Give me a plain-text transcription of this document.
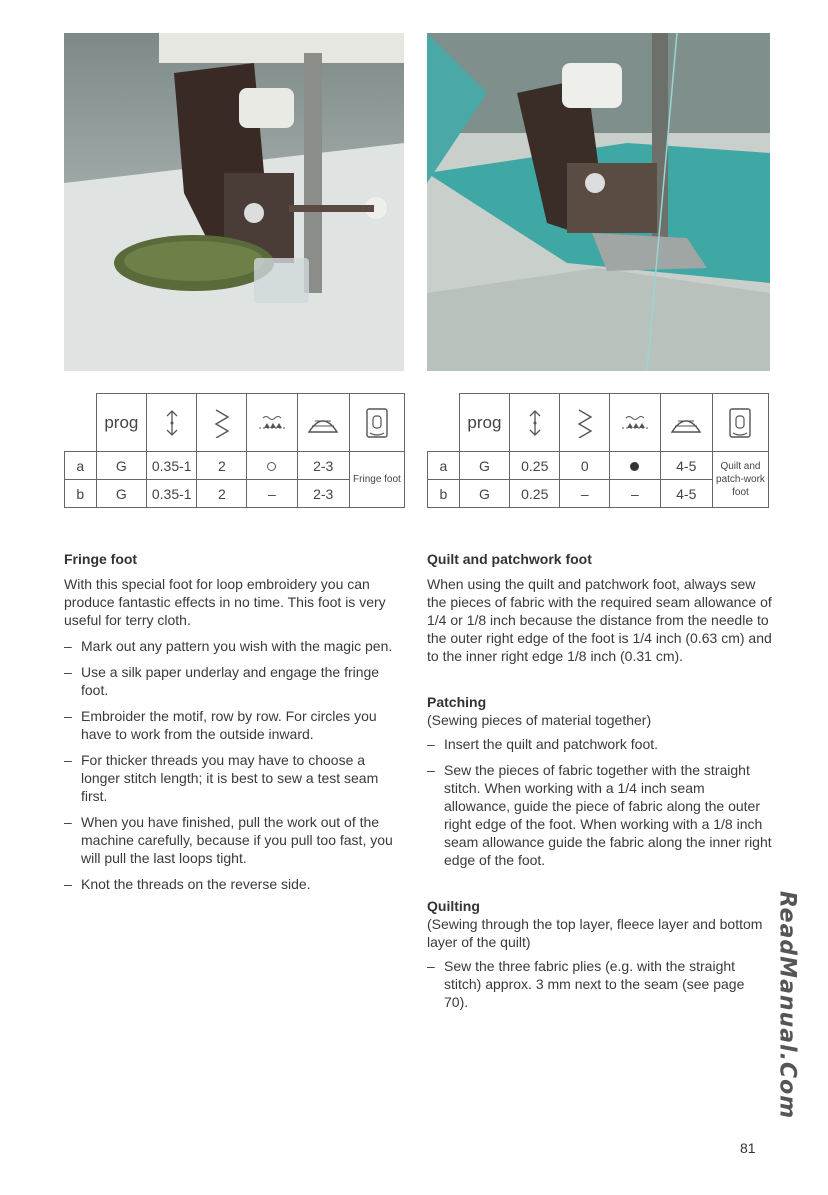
	prog	

a	G	0.35-1	2		2-3	Fringe foot
b	G	0.35-1	2	–	2-3	
	prog	

a	G	0.25	0		4-5	Quilt and patch-work foot
b	G	0.25	–	–	4-5	
Fringe foot

With this special foot for loop embroidery you can produce fantastic effects in no time. This foot is very useful for terry cloth.

– Mark out any pattern you wish with the magic pen.
– Use a silk paper underlay and engage the fringe foot.
– Embroider the motif, row by row. For circles you have to work from the outside inward.
– For thicker threads you may have to choose a longer stitch length; it is best to sew a test seam first.
– When you have finished, pull the work out of the machine carefully, because if you pull too fast, you will pull the last loops tight.
– Knot the threads on the reverse side.
Quilt and patchwork foot

When using the quilt and patchwork foot, always sew the pieces of fabric with the required seam allowance of 1/4 or 1/8 inch because the distance from the needle to the outer right edge of the foot is 1/4 inch (0.63 cm) and to the inner right edge 1/8 inch (0.31 cm).

Patching

(Sewing pieces of material together)

– Insert the quilt and patchwork foot.
– Sew the pieces of fabric together with the straight stitch. When working with a 1/4 inch seam allowance, guide the piece of fabric along the outer right edge of the foot. When working with a 1/8 inch seam allowance guide the fabric along the inner right edge of the foot.
Quilting

(Sewing through the top layer, fleece layer and bottom layer of the quilt)

– Sew the three fabric plies (e.g. with the straight stitch) approx. 3 mm next to the seam (see page 70).	ReadManual.Com
81
